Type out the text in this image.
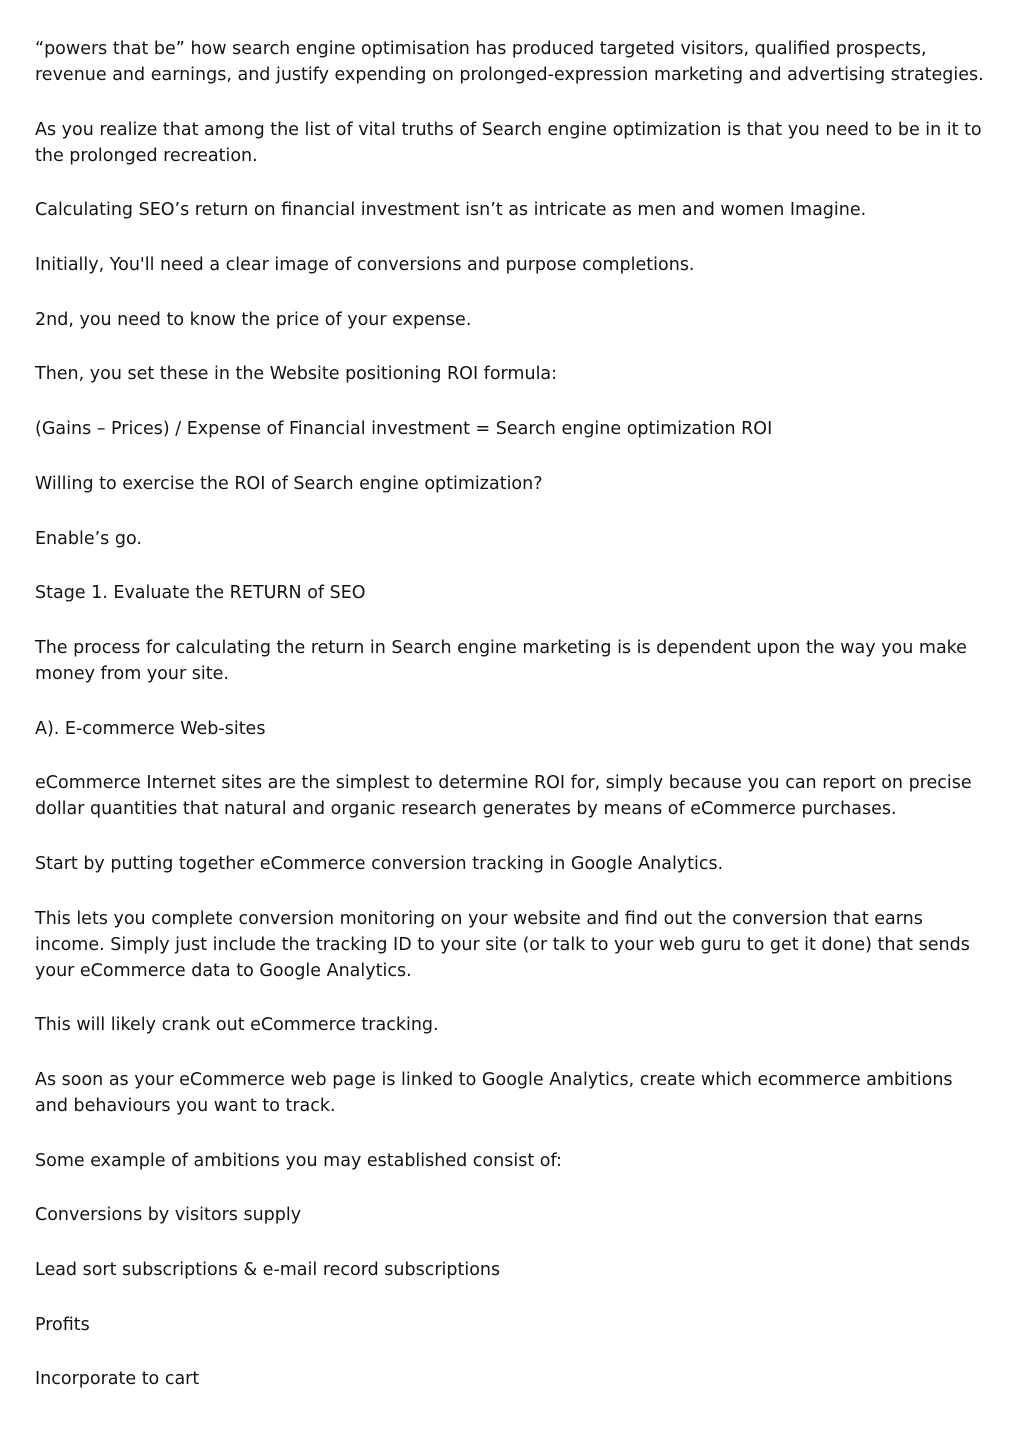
“powers that be” how search engine optimisation has produced targeted visitors, qualified prospects, revenue and earnings, and justify expending on prolonged-expression marketing and advertising strategies.

As you realize that among the list of vital truths of Search engine optimization is that you need to be in it to the prolonged recreation.

Calculating SEO’s return on financial investment isn’t as intricate as men and women Imagine.

Initially, You'll need a clear image of conversions and purpose completions.

2nd, you need to know the price of your expense.

Then, you set these in the Website positioning ROI formula:

(Gains – Prices) / Expense of Financial investment = Search engine optimization ROI

Willing to exercise the ROI of Search engine optimization?

Enable’s go.

Stage 1. Evaluate the RETURN of SEO

The process for calculating the return in Search engine marketing is is dependent upon the way you make money from your site.

A). E-commerce Web-sites

eCommerce Internet sites are the simplest to determine ROI for, simply because you can report on precise dollar quantities that natural and organic research generates by means of eCommerce purchases.

Start by putting together eCommerce conversion tracking in Google Analytics.

This lets you complete conversion monitoring on your website and find out the conversion that earns income. Simply just include the tracking ID to your site (or talk to your web guru to get it done) that sends your eCommerce data to Google Analytics.

This will likely crank out eCommerce tracking.

As soon as your eCommerce web page is linked to Google Analytics, create which ecommerce ambitions and behaviours you want to track.

Some example of ambitions you may established consist of:

Conversions by visitors supply

Lead sort subscriptions & e-mail record subscriptions

Profits

Incorporate to cart
